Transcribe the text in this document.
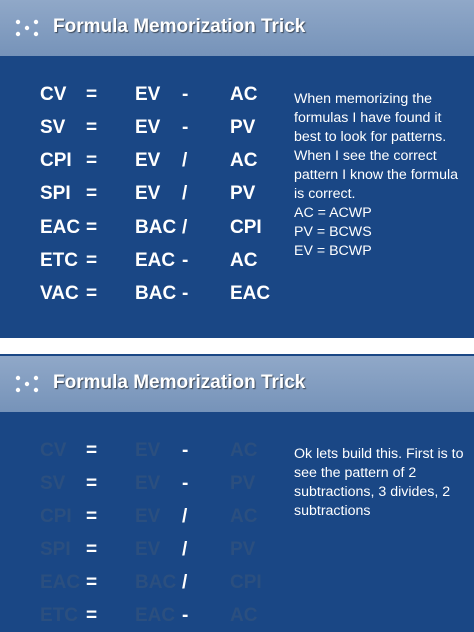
Formula Memorization Trick
CV = EV - AC
SV = EV - PV
CPI = EV / AC
SPI = EV / PV
EAC = BAC / CPI
ETC = EAC - AC
VAC = BAC - EAC

When memorizing the formulas I have found it best to look for patterns. When I see the correct pattern I know the formula is correct.

AC = ACWP

PV = BCWS

EV = BCWP

Formula Memorization Trick
CV = EV - AC
SV = EV - PV
CPI = EV / AC
SPI = EV / PV
EAC = BAC / CPI
ETC = EAC - AC

Ok lets build this. First is to see the pattern of 2 subtractions, 3 divides, 2 subtractions
